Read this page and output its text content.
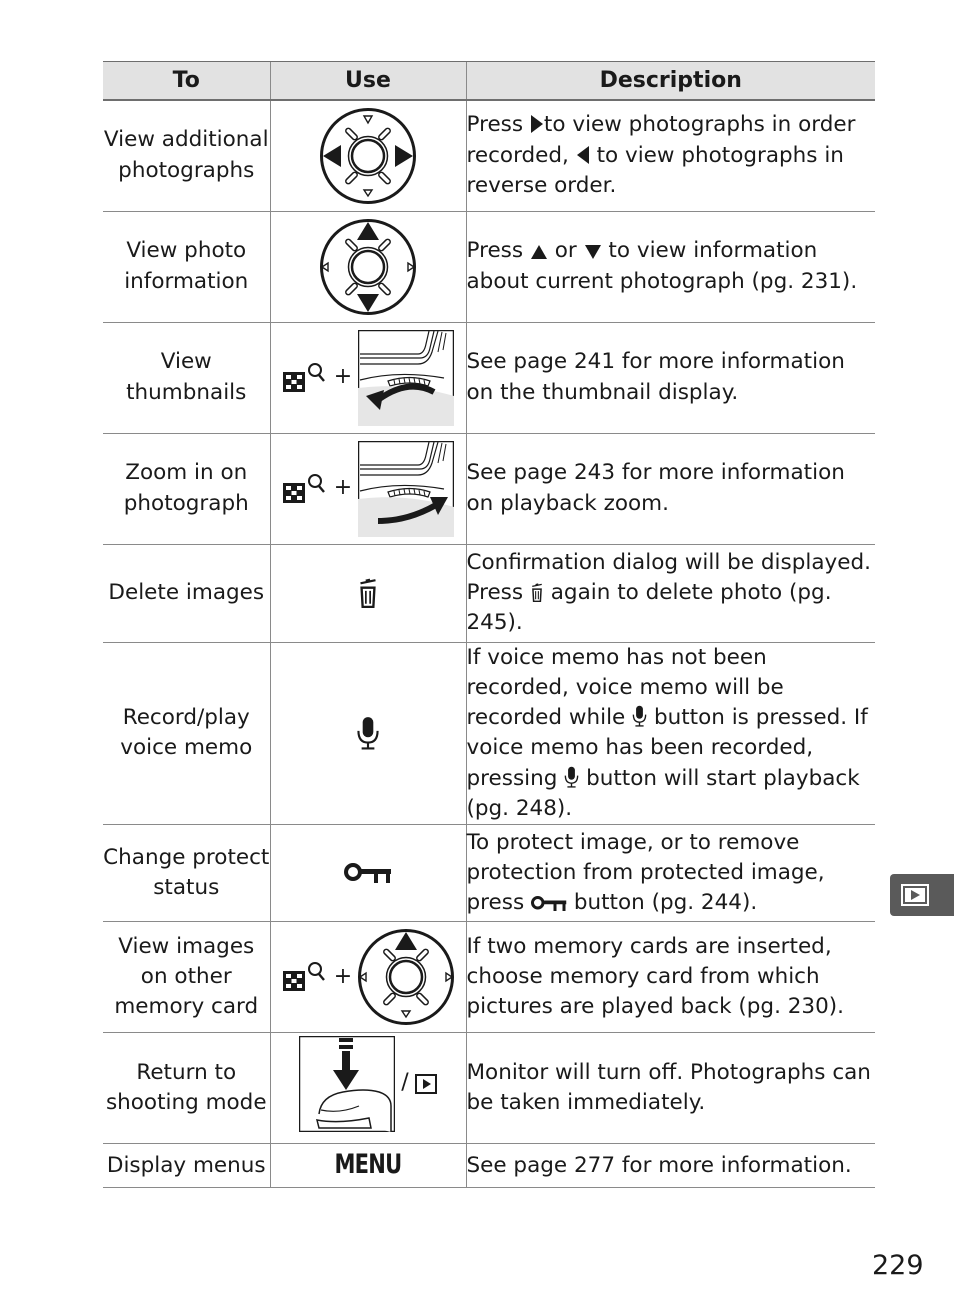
To	Use	Description
View additional photographs		Press to view photographs in order recorded,  to view photographs in reverse order.
View photo information		Press  or  to view information about current photograph (pg. 231).
View thumbnails	+	See page 241 for more information on the thumbnail display.
Zoom in on photograph	+	See page 243 for more information on playback zoom.
Delete images		Confirmation dialog will be displayed. Press  again to delete photo (pg. 245).
Record/play voice memo		If voice memo has not been recorded, voice memo will be recorded while  button is pressed. If voice memo has been recorded, pressing  button will start playback (pg. 248).
Change protect status		To protect image, or to remove protection from protected image, press  button (pg. 244).
View images on other memory card	+	If two memory cards are inserted, choose memory card from which pictures are played back (pg. 230).
Return to shooting mode	/	Monitor will turn off. Photographs can be taken immediately.
Display menus	MENU	See page 277 for more information.
229
